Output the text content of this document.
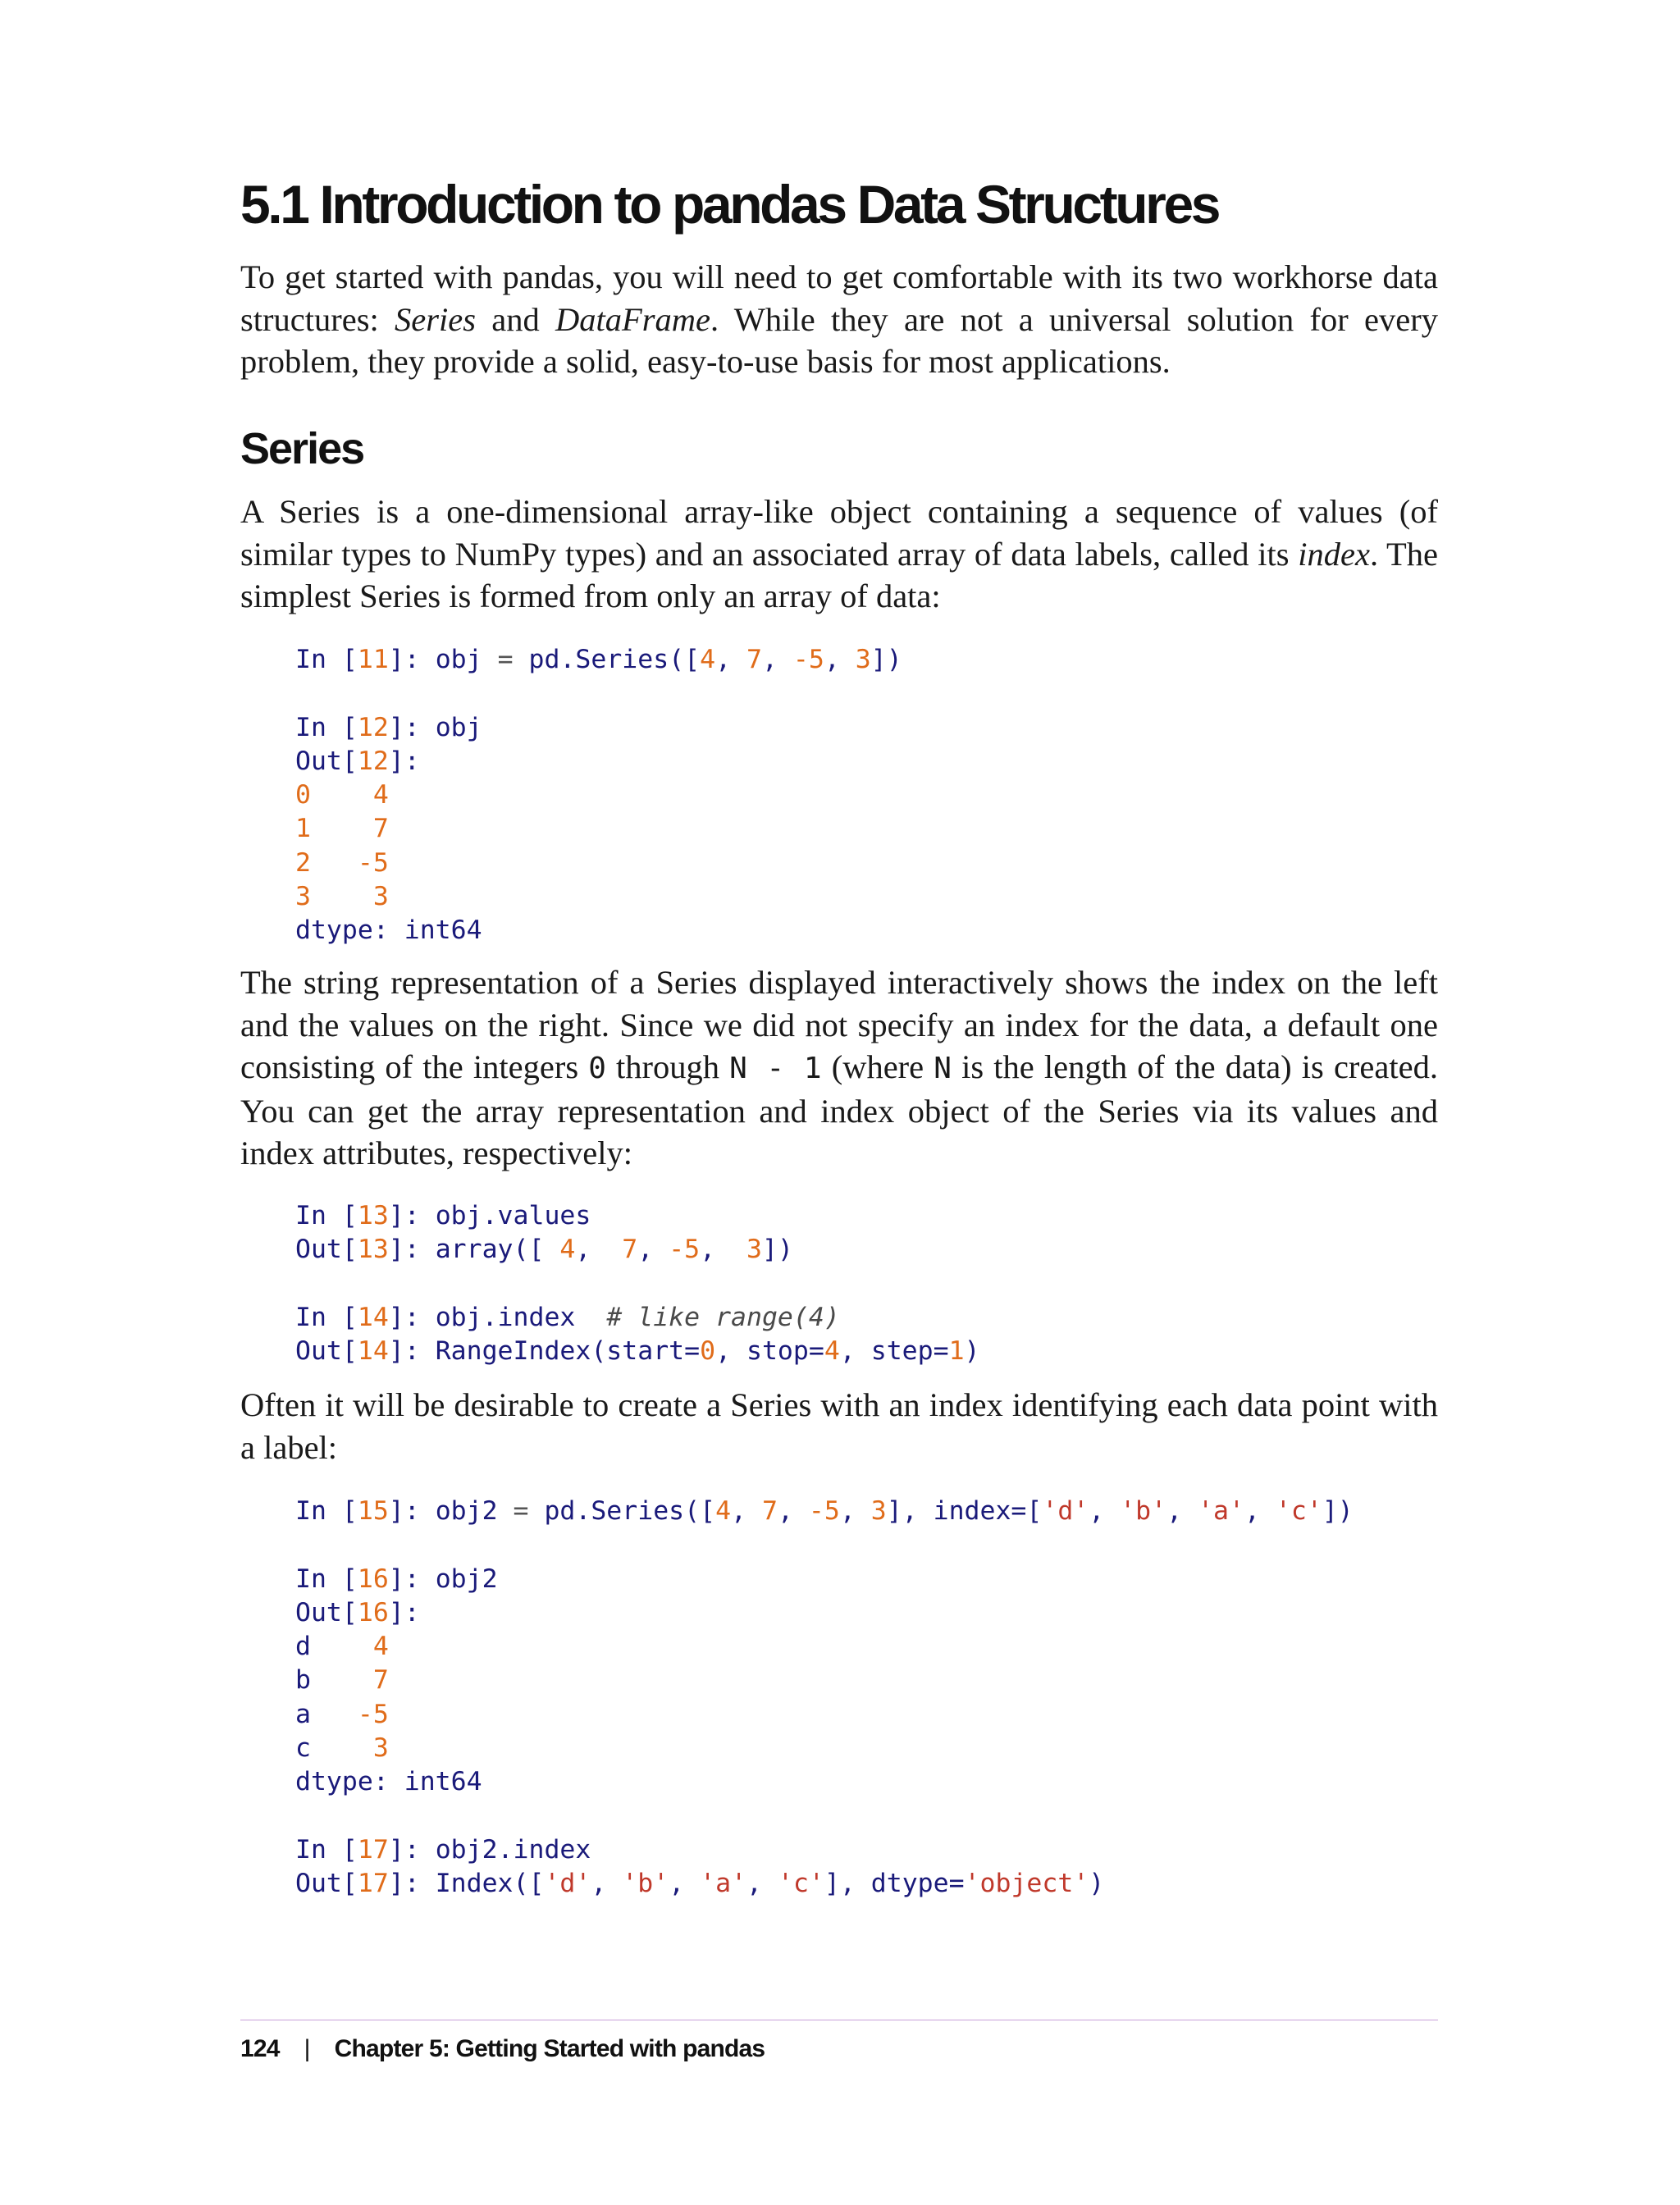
5.1 Introduction to pandas Data Structures

To get started with pandas, you will need to get comfortable with its two workhorse data structures: Series and DataFrame. While they are not a universal solution for every problem, they provide a solid, easy-to-use basis for most applications.

Series

A Series is a one-dimensional array-like object containing a sequence of values (of similar types to NumPy types) and an associated array of data labels, called its index. The simplest Series is formed from only an array of data:

In [11]: obj = pd.Series([4, 7, -5, 3])
In [12]: obj
Out[12]:
0 4
1 7
2 -5
3 3
dtype: int64

The string representation of a Series displayed interactively shows the index on the left and the values on the right. Since we did not specify an index for the data, a default one consisting of the integers 0 through N - 1 (where N is the length of the data) is created. You can get the array representation and index object of the Series via its values and index attributes, respectively:

In [13]: obj.values
Out[13]: array([ 4,  7, -5,  3])
In [14]: obj.index  # like range(4)
Out[14]: RangeIndex(start=0, stop=4, step=1)

Often it will be desirable to create a Series with an index identifying each data point with a label:

In [15]: obj2 = pd.Series([4, 7, -5, 3], index=['d', 'b', 'a', 'c'])
In [16]: obj2
Out[16]:
d 4
b 7
a -5
c 3
dtype: int64
In [17]: obj2.index
Out[17]: Index(['d', 'b', 'a', 'c'], dtype='object')
124 | Chapter 5: Getting Started with pandas
